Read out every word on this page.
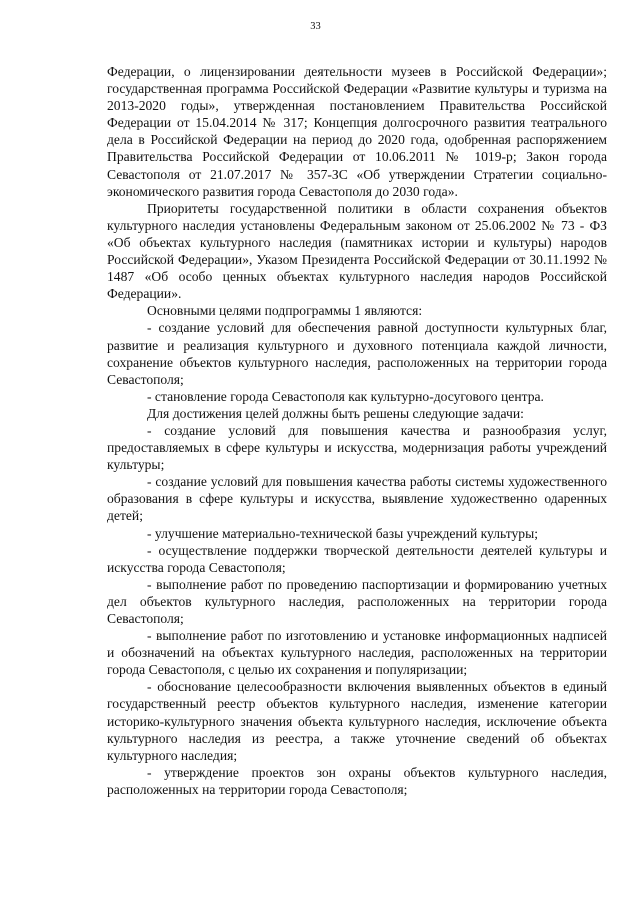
33

Федерации, о лицензировании деятельности музеев в Российской Федерации»; государственная программа Российской Федерации «Развитие культуры и туризма на 2013-2020 годы», утвержденная постановлением Правительства Российской Федерации от 15.04.2014 № 317; Концепция долгосрочного развития театрального дела в Российской Федерации на период до 2020 года, одобренная распоряжением Правительства Российской Федерации от 10.06.2011 № 1019-р; Закон города Севастополя от 21.07.2017 № 357-ЗС «Об утверждении Стратегии социально-экономического развития города Севастополя до 2030 года».

Приоритеты государственной политики в области сохранения объектов культурного наследия установлены Федеральным законом от 25.06.2002 № 73 - ФЗ «Об объектах культурного наследия (памятниках истории и культуры) народов Российской Федерации», Указом Президента Российской Федерации от 30.11.1992 № 1487 «Об особо ценных объектах культурного наследия народов Российской Федерации».

Основными целями подпрограммы 1 являются:

- создание условий для обеспечения равной доступности культурных благ, развитие и реализация культурного и духовного потенциала каждой личности, сохранение объектов культурного наследия, расположенных на территории города Севастополя;

- становление города Севастополя как культурно-досугового центра.

Для достижения целей должны быть решены следующие задачи:

- создание условий для повышения качества и разнообразия услуг, предоставляемых в сфере культуры и искусства, модернизация работы учреждений культуры;

- создание условий для повышения качества работы системы художественного образования в сфере культуры и искусства, выявление художественно одаренных детей;

- улучшение материально-технической базы учреждений культуры;

- осуществление поддержки творческой деятельности деятелей культуры и искусства города Севастополя;

- выполнение работ по проведению паспортизации и формированию учетных дел объектов культурного наследия, расположенных на территории города Севастополя;

- выполнение работ по изготовлению и установке информационных надписей и обозначений на объектах культурного наследия, расположенных на территории города Севастополя, с целью их сохранения и популяризации;

- обоснование целесообразности включения выявленных объектов в единый государственный реестр объектов культурного наследия, изменение категории историко-культурного значения объекта культурного наследия, исключение объекта культурного наследия из реестра, а также уточнение сведений об объектах культурного наследия;

- утверждение проектов зон охраны объектов культурного наследия, расположенных на территории города Севастополя;
